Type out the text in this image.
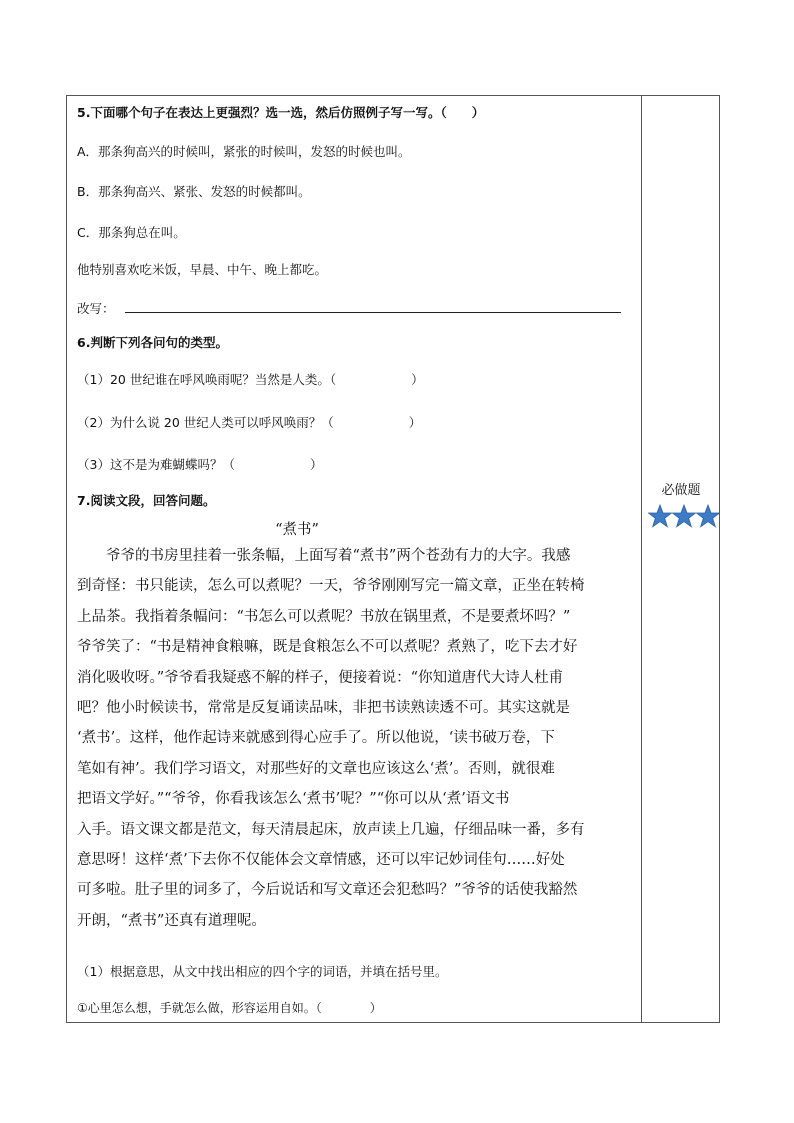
5.下面哪个句子在表达上更强烈？选一选，然后仿照例子写一写。（　　）
A．那条狗高兴的时候叫，紧张的时候叫，发怒的时候也叫。
B．那条狗高兴、紧张、发怒的时候都叫。
C．那条狗总在叫。
他特别喜欢吃米饭，早晨、中午、晚上都吃。
改写：
6.判断下列各问句的类型。
（1）20 世纪谁在呼风唤雨呢？当然是人类。（　　　　　　）
（2）为什么说 20 世纪人类可以呼风唤雨？（　　　　　　）
（3）这不是为难蝴蝶吗？（　　　　　　）
7.阅读文段，回答问题。
“煮书”
　　爷爷的书房里挂着一张条幅，上面写着“煮书”两个苍劲有力的大字。我感
到奇怪：书只能读，怎么可以煮呢？一天，爷爷刚刚写完一篇文章，正坐在转椅
上品茶。我指着条幅问：“书怎么可以煮呢？书放在锅里煮，不是要煮坏吗？”
爷爷笑了：“书是精神食粮嘛，既是食粮怎么不可以煮呢？煮熟了，吃下去才好
消化吸收呀。”爷爷看我疑惑不解的样子，便接着说：“你知道唐代大诗人杜甫
吧？他小时候读书，常常是反复诵读品味，非把书读熟读透不可。其实这就是
‘煮书’。这样，他作起诗来就感到得心应手了。所以他说，‘读书破万卷，下
笔如有神’。我们学习语文，对那些好的文章也应该这么‘煮’。否则，就很难
把语文学好。”“爷爷，你看我该怎么‘煮书’呢？”“你可以从‘煮’语文书
入手。语文课文都是范文，每天清晨起床，放声读上几遍，仔细品味一番，多有
意思呀！这样‘煮’下去你不仅能体会文章情感，还可以牢记妙词佳句……好处
可多啦。肚子里的词多了，今后说话和写文章还会犯愁吗？”爷爷的话使我豁然
开朗，“煮书”还真有道理呢。
（1）根据意思，从文中找出相应的四个字的词语，并填在括号里。
①心里怎么想，手就怎么做，形容运用自如。（　　　　）
必做题
